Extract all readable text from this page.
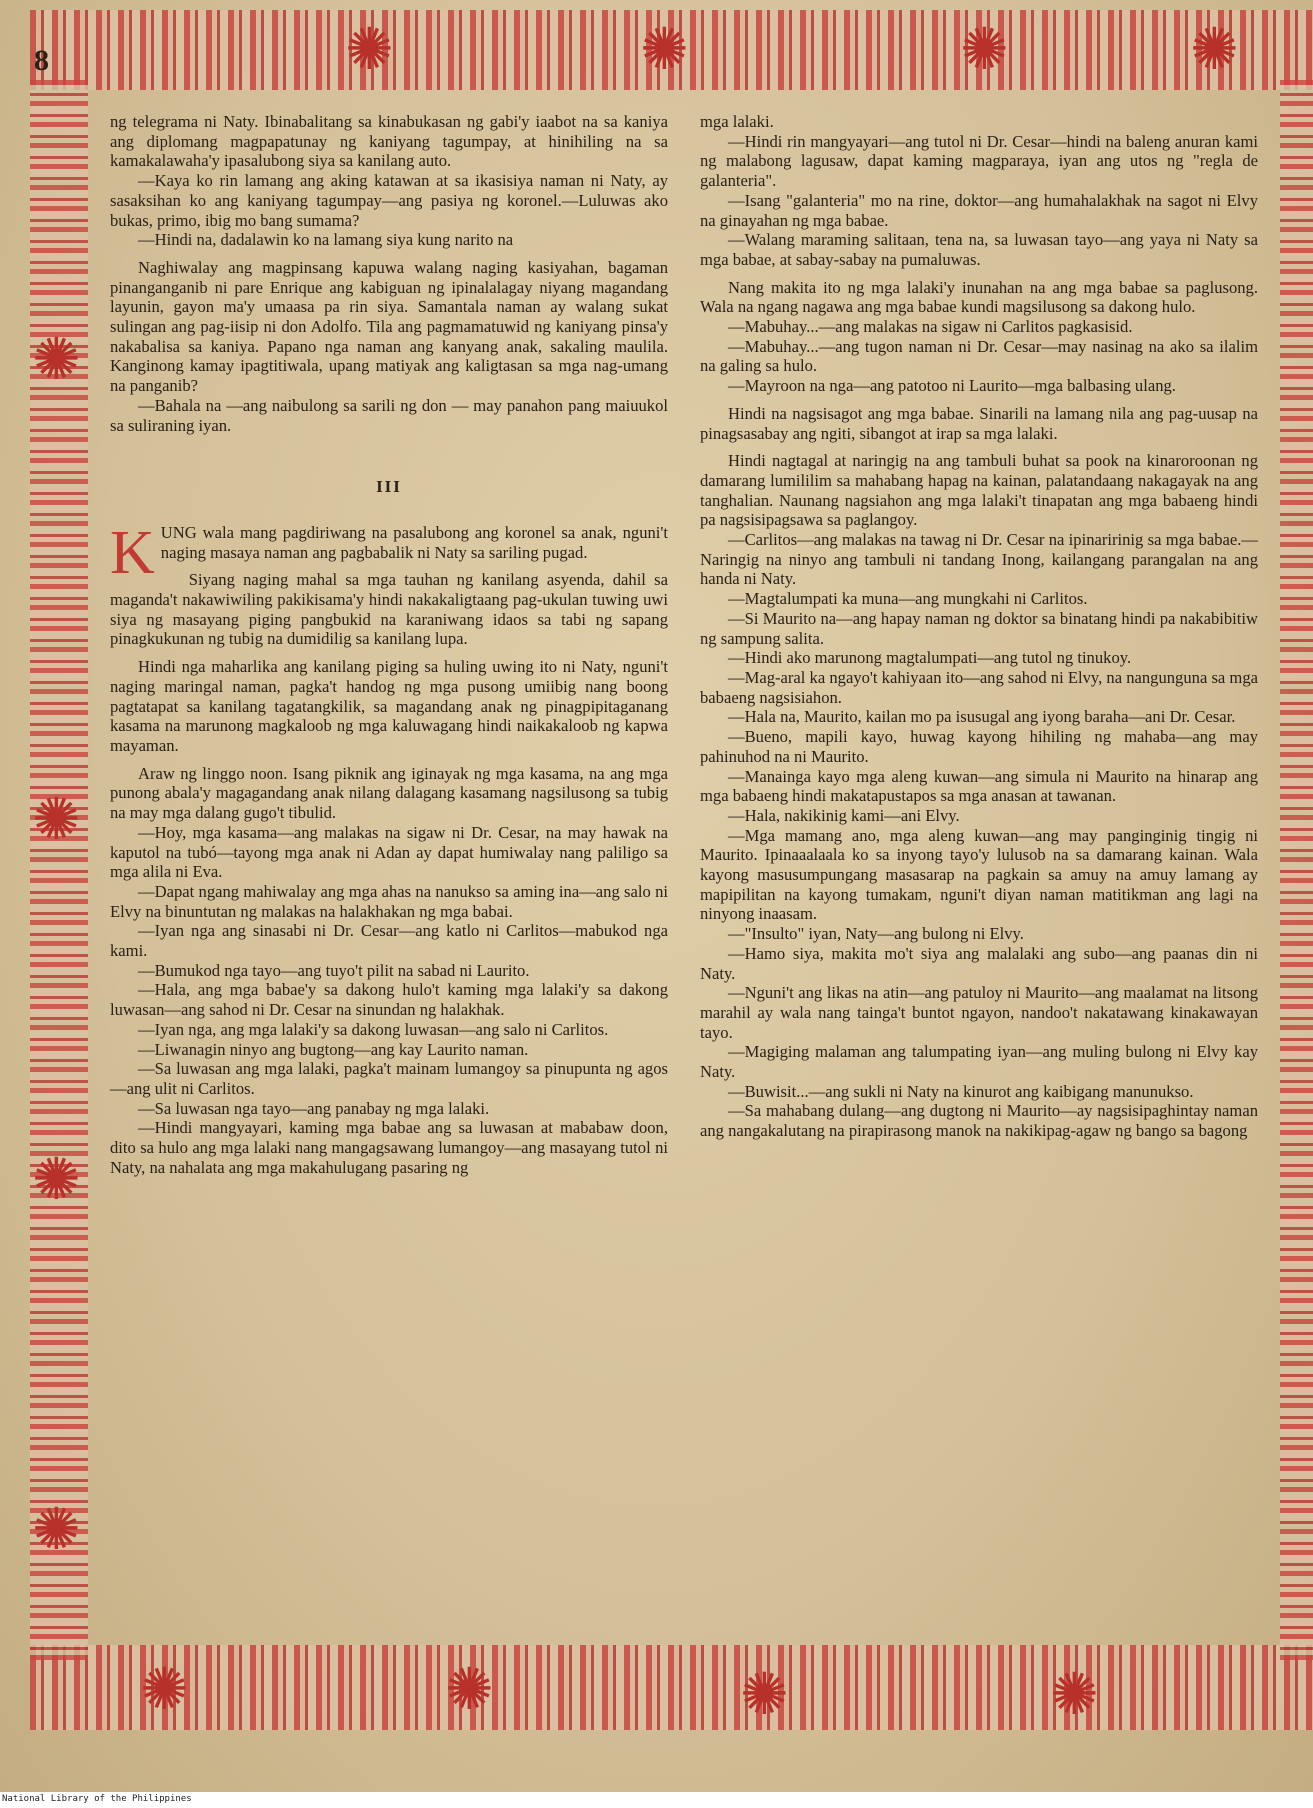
✺	✺	✺	✺
✺	✺	✺	✺
✺
✺
✺
✺
8

ng telegrama ni Naty. Ibinabalitang sa kinabukasan ng gabi'y iaabot na sa kaniya ang diplomang magpapatunay ng kaniyang tagumpay, at hinihiling na sa kamakalawaha'y ipasalubong siya sa kanilang auto.

—Kaya ko rin lamang ang aking katawan at sa ikasisiya naman ni Naty, ay sasaksihan ko ang kaniyang tagumpay—ang pasiya ng koronel.—Luluwas ako bukas, primo, ibig mo bang sumama?

—Hindi na, dadalawin ko na lamang siya kung narito na

Naghiwalay ang magpinsang kapuwa walang naging kasiyahan, bagaman pinanganganib ni pare Enrique ang kabiguan ng ipinalalagay niyang magandang layunin, gayon ma'y umaasa pa rin siya. Samantala naman ay walang sukat sulingan ang pag-iisip ni don Adolfo. Tila ang pagmamatuwid ng kaniyang pinsa'y nakabalisa sa kaniya. Papano nga naman ang kanyang anak, sakaling maulila. Kanginong kamay ipagtitiwala, upang matiyak ang kaligtasan sa mga nag-umang na panganib?

—Bahala na —ang naibulong sa sarili ng don — may panahon pang maiuukol sa suliraning iyan.

III
K UNG wala mang pagdiriwang na pasalubong ang koronel sa anak, nguni't naging masaya naman ang pagbabalik ni Naty sa sariling pugad.

Siyang naging mahal sa mga tauhan ng kanilang asyenda, dahil sa maganda't nakawiwiling pakikisama'y hindi nakakaligtaang pag-ukulan tuwing uwi siya ng masayang piging pangbukid na karaniwang idaos sa tabi ng sapang pinagkukunan ng tubig na dumidilig sa kanilang lupa.

Hindi nga maharlika ang kanilang piging sa huling uwing ito ni Naty, nguni't naging maringal naman, pagka't handog ng mga pusong umiibig nang boong pagtatapat sa kanilang tagatangkilik, sa magandang anak ng pinagpipitaganang kasama na marunong magkaloob ng mga kaluwagang hindi naikakaloob ng kapwa mayaman.

Araw ng linggo noon. Isang piknik ang iginayak ng mga kasama, na ang mga punong abala'y magagandang anak nilang dalagang kasamang nagsilusong sa tubig na may mga dalang gugo't tibulid.

—Hoy, mga kasama—ang malakas na sigaw ni Dr. Cesar, na may hawak na kaputol na tubó—tayong mga anak ni Adan ay dapat humiwalay nang paliligo sa mga alila ni Eva.

—Dapat ngang mahiwalay ang mga ahas na nanukso sa aming ina—ang salo ni Elvy na binuntutan ng malakas na halakhakan ng mga babai.

—Iyan nga ang sinasabi ni Dr. Cesar—ang katlo ni Carlitos—mabukod nga kami.

—Bumukod nga tayo—ang tuyo't pilit na sabad ni Laurito.

—Hala, ang mga babae'y sa dakong hulo't kaming mga lalaki'y sa dakong luwasan—ang sahod ni Dr. Cesar na sinundan ng halakhak.

—Iyan nga, ang mga lalaki'y sa dakong luwasan—ang salo ni Carlitos.

—Liwanagin ninyo ang bugtong—ang kay Laurito naman.

—Sa luwasan ang mga lalaki, pagka't mainam lumangoy sa pinupunta ng agos—ang ulit ni Carlitos.

—Sa luwasan nga tayo—ang panabay ng mga lalaki.

—Hindi mangyayari, kaming mga babae ang sa luwasan at mababaw doon, dito sa hulo ang mga lalaki nang mangagsawang lumangoy—ang masayang tutol ni Naty, na nahalata ang mga makahulugang pasaring ng

mga lalaki.

—Hindi rin mangyayari—ang tutol ni Dr. Cesar—hindi na baleng anuran kami ng malabong lagusaw, dapat kaming magparaya, iyan ang utos ng "regla de galanteria".

—Isang "galanteria" mo na rine, doktor—ang humahalakhak na sagot ni Elvy na ginayahan ng mga babae.

—Walang maraming salitaan, tena na, sa luwasan tayo—ang yaya ni Naty sa mga babae, at sabay-sabay na pumaluwas.

Nang makita ito ng mga lalaki'y inunahan na ang mga babae sa paglusong. Wala na ngang nagawa ang mga babae kundi magsilusong sa dakong hulo.

—Mabuhay...—ang malakas na sigaw ni Carlitos pagkasisid.

—Mabuhay...—ang tugon naman ni Dr. Cesar—may nasinag na ako sa ilalim na galing sa hulo.

—Mayroon na nga—ang patotoo ni Laurito—mga balbasing ulang.

Hindi na nagsisagot ang mga babae. Sinarili na lamang nila ang pag-uusap na pinagsasabay ang ngiti, sibangot at irap sa mga lalaki.

Hindi nagtagal at naringig na ang tambuli buhat sa pook na kinaroroonan ng damarang lumililim sa mahabang hapag na kainan, palatandaang nakagayak na ang tanghalian. Naunang nagsiahon ang mga lalaki't tinapatan ang mga babaeng hindi pa nagsisipagsawa sa paglangoy.

—Carlitos—ang malakas na tawag ni Dr. Cesar na ipinaririnig sa mga babae.—Naringig na ninyo ang tambuli ni tandang Inong, kailangang parangalan na ang handa ni Naty.

—Magtalumpati ka muna—ang mungkahi ni Carlitos.

—Si Maurito na—ang hapay naman ng doktor sa binatang hindi pa nakabibitiw ng sampung salita.

—Hindi ako marunong magtalumpati—ang tutol ng tinukoy.

—Mag-aral ka ngayo't kahiyaan ito—ang sahod ni Elvy, na nangunguna sa mga babaeng nagsisiahon.

—Hala na, Maurito, kailan mo pa isusugal ang iyong baraha—ani Dr. Cesar.

—Bueno, mapili kayo, huwag kayong hihiling ng mahaba—ang may pahinuhod na ni Maurito.

—Manainga kayo mga aleng kuwan—ang simula ni Maurito na hinarap ang mga babaeng hindi makatapustapos sa mga anasan at tawanan.

—Hala, nakikinig kami—ani Elvy.

—Mga mamang ano, mga aleng kuwan—ang may panginginig tingig ni Maurito. Ipinaaalaala ko sa inyong tayo'y lulusob na sa damarang kainan. Wala kayong masusumpungang masasarap na pagkain sa amuy na amuy lamang ay mapipilitan na kayong tumakam, nguni't diyan naman matitikman ang lagi na ninyong inaasam.

—"Insulto" iyan, Naty—ang bulong ni Elvy.

—Hamo siya, makita mo't siya ang malalaki ang subo—ang paanas din ni Naty.

—Nguni't ang likas na atin—ang patuloy ni Maurito—ang maalamat na litsong marahil ay wala nang tainga't buntot ngayon, nandoo't nakatawang kinakawayan tayo.

—Magiging malaman ang talumpating iyan—ang muling bulong ni Elvy kay Naty.

—Buwisit...—ang sukli ni Naty na kinurot ang kaibigang manunukso.

—Sa mahabang dulang—ang dugtong ni Maurito—ay nagsisipaghintay naman ang nangakalutang na pirapirasong manok na nakikipag-agaw ng bango sa bagong

National Library of the Philippines
